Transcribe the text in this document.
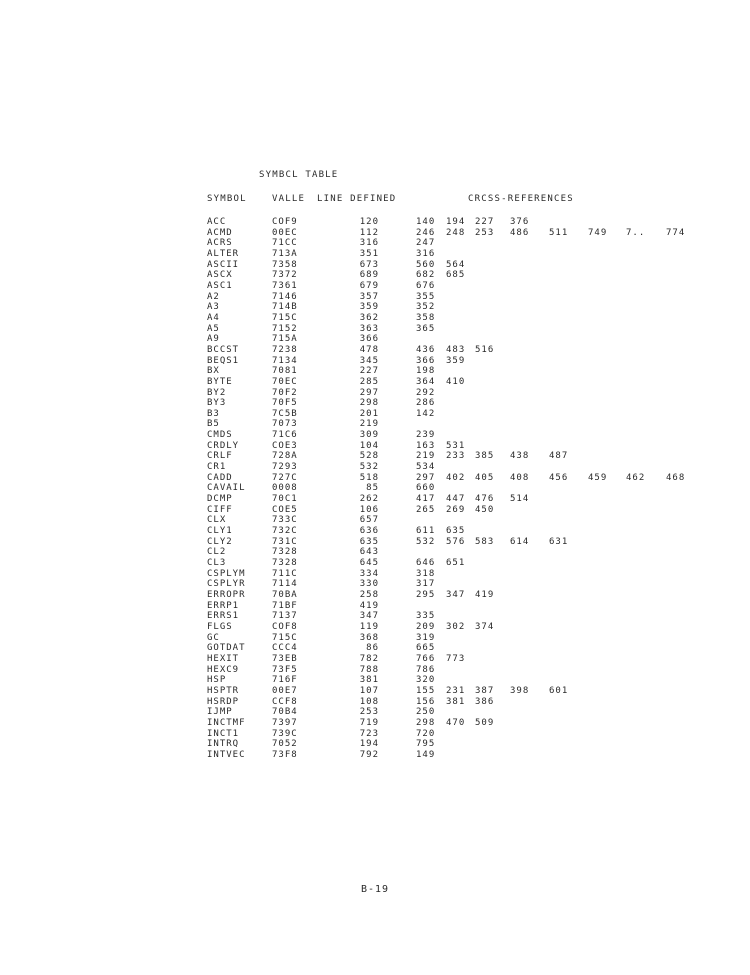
SYMBCL TABLE
SYMBOL	VALLE LINE DEFINED	CRCSS-REFERENCES
ACC	COF9	120	140 194 227 376
ACMD	00EC	112	246 248 253 486 511 749 7.. 774
ACRS	71CC	316	247
ALTER	713A	351	316
ASCII	7358	673	560 564
ASCX	7372	689	682 685
ASC1	7361	679	676
A2	7146	357	355
A3	714B	359	352
A4	715C	362	358
A5	7152	363	365
A9	715A	366
BCCST	7238	478	436 483 516
BEQS1	7134	345	366 359
BX	7081	227	198
BYTE	70EC	285	364 410
BY2	70F2	297	292
BY3	70F5	298	286
B3	7C5B	201	142
B5	7073	219
CMDS	71C6	309	239
CRDLY	COE3	104	163 531
CRLF	728A	528	219 233 385 438 487
CR1	7293	532	534
CADD	727C	518	297 402 405 408 456 459 462 468
CAVAIL	0008	85	660
DCMP	70C1	262	417 447 476 514
CIFF	COE5	106	265 269 450
CLX	733C	657
CLY1	732C	636	611 635
CLY2	731C	635	532 576 583 614 631
CL2	7328	643
CL3	7328	645	646 651
CSPLYM	711C	334	318
CSPLYR	7114	330	317
ERROPR	70BA	258	295 347 419
ERRP1	71BF	419
ERRS1	7137	347	335
FLGS	COF8	119	209 302 374
GC	715C	368	319
GOTDAT	CCC4	86	665
HEXIT	73EB	782	766 773
HEXC9	73F5	788	786
HSP	716F	381	320
HSPTR	00E7	107	155 231 387 398 601
HSRDP	CCF8	108	156 381 386
IJMP	70B4	253	250
INCTMF	7397	719	298 470 509
INCT1	739C	723	720
INTRQ	7052	194	795
INTVEC	73F8	792	149
B-19
